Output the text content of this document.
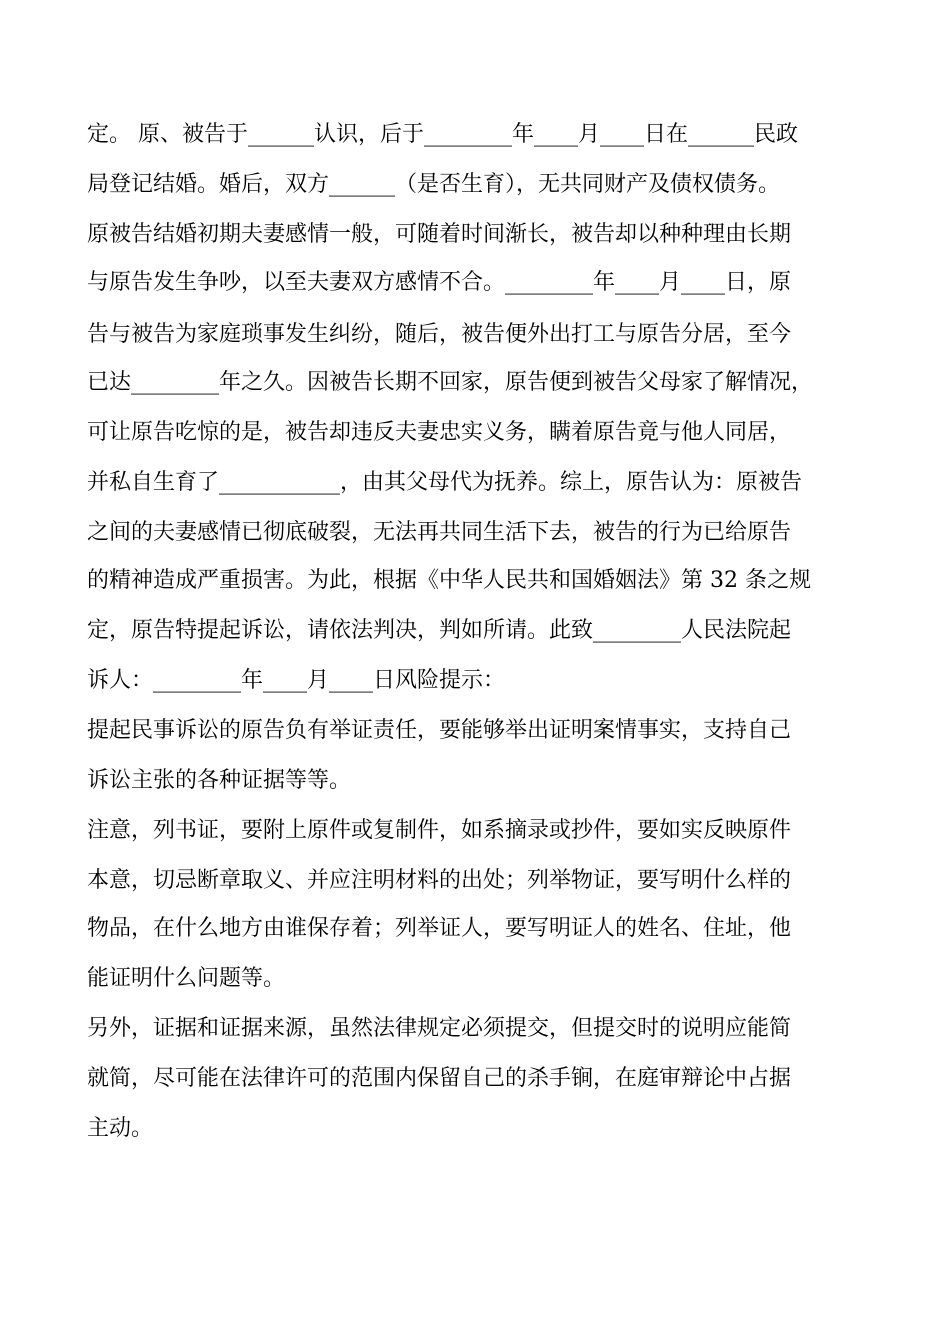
定。 原、被告于______认识，后于________年____月____日在______民政
局登记结婚。婚后，双方______（是否生育），无共同财产及债权债务。
原被告结婚初期夫妻感情一般，可随着时间渐长，被告却以种种理由长期
与原告发生争吵，以至夫妻双方感情不合。________年____月____日，原
告与被告为家庭琐事发生纠纷，随后，被告便外出打工与原告分居，至今
已达________年之久。因被告长期不回家，原告便到被告父母家了解情况，
可让原告吃惊的是，被告却违反夫妻忠实义务，瞒着原告竟与他人同居，
并私自生育了___________，由其父母代为抚养。综上，原告认为：原被告
之间的夫妻感情已彻底破裂，无法再共同生活下去，被告的行为已给原告
的精神造成严重损害。为此，根据《中华人民共和国婚姻法》第 32 条之规
定，原告特提起诉讼，请依法判决，判如所请。此致________人民法院起
诉人：________年____月____日风险提示：
提起民事诉讼的原告负有举证责任，要能够举出证明案情事实，支持自己
诉讼主张的各种证据等等。
注意，列书证，要附上原件或复制件，如系摘录或抄件，要如实反映原件
本意，切忌断章取义、并应注明材料的出处；列举物证，要写明什么样的
物品，在什么地方由谁保存着；列举证人，要写明证人的姓名、住址，他
能证明什么问题等。
另外，证据和证据来源，虽然法律规定必须提交，但提交时的说明应能简
就简，尽可能在法律许可的范围内保留自己的杀手锏，在庭审辩论中占据
主动。
